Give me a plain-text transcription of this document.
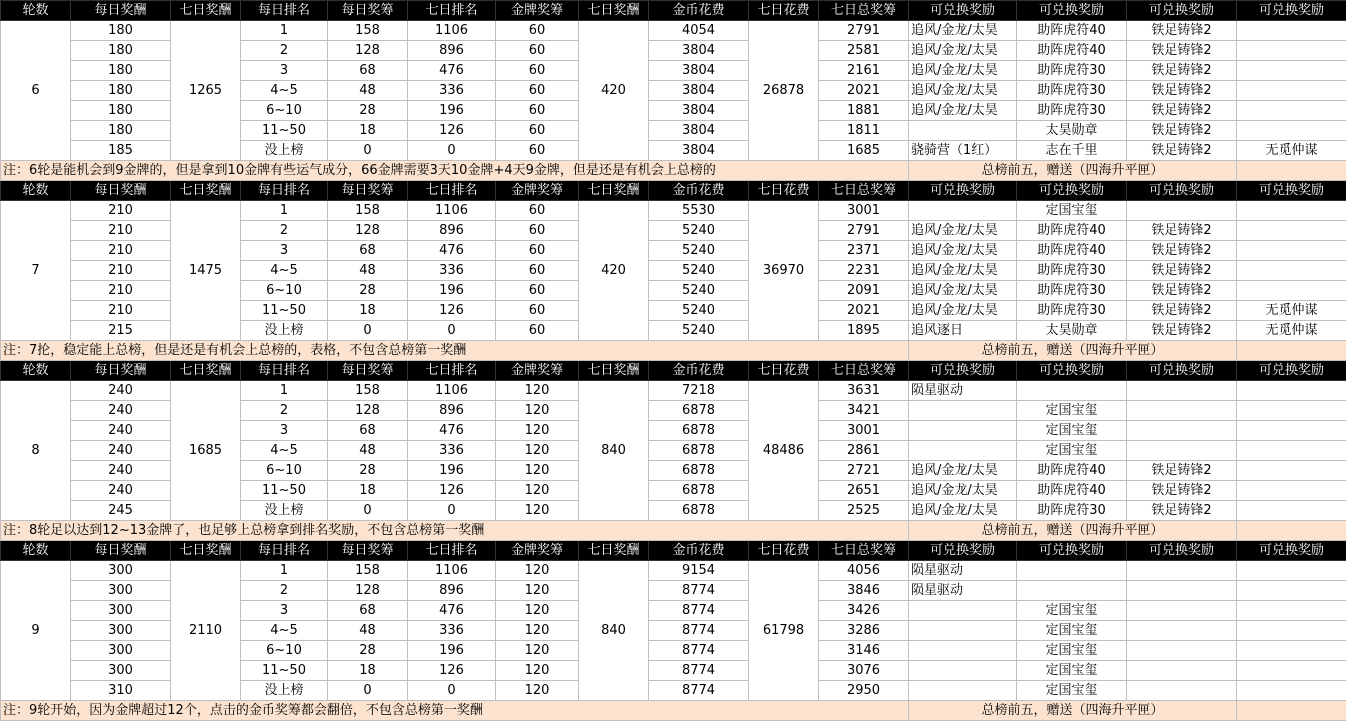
轮数	每日奖酬	七日奖酬	每日排名	每日奖筹	七日排名	金牌奖筹	七日奖酬	金币花费	七日花费	七日总奖筹	可兑换奖励	可兑换奖励	可兑换奖励	可兑换奖励
6	180	1265	1	158	1106	60	420	4054	26878	2791	追风/金龙/太昊	助阵虎符40	铁足铸锋2	
	180		2	128	896	60		3804		2581	追风/金龙/太昊	助阵虎符40	铁足铸锋2	
	180		3	68	476	60		3804		2161	追风/金龙/太昊	助阵虎符30	铁足铸锋2	
	180		4~5	48	336	60		3804		2021	追风/金龙/太昊	助阵虎符30	铁足铸锋2	
	180		6~10	28	196	60		3804		1881	追风/金龙/太昊	助阵虎符30	铁足铸锋2	
	180		11~50	18	126	60		3804		1811		太昊勋章	铁足铸锋2	
	185		没上榜	0	0	60		3804		1685	骁骑营（1红）	志在千里	铁足铸锋2	无觅仲谋
注：6轮是能机会到9金牌的，但是拿到10金牌有些运气成分，66金牌需要3天10金牌+4天9金牌，但是还是有机会上总榜的											总榜前五，赠送（四海升平匣）			
轮数	每日奖酬	七日奖酬	每日排名	每日奖筹	七日排名	金牌奖筹	七日奖酬	金币花费	七日花费	七日总奖筹	可兑换奖励	可兑换奖励	可兑换奖励	可兑换奖励
7	210	1475	1	158	1106	60	420	5530	36970	3001		定国宝玺		
	210		2	128	896	60		5240		2791	追风/金龙/太昊	助阵虎符40	铁足铸锋2	
	210		3	68	476	60		5240		2371	追风/金龙/太昊	助阵虎符40	铁足铸锋2	
	210		4~5	48	336	60		5240		2231	追风/金龙/太昊	助阵虎符30	铁足铸锋2	
	210		6~10	28	196	60		5240		2091	追风/金龙/太昊	助阵虎符30	铁足铸锋2	
	210		11~50	18	126	60		5240		2021	追风/金龙/太昊	助阵虎符30	铁足铸锋2	无觅仲谋
	215		没上榜	0	0	60		5240		1895	追风逐日	太昊勋章	铁足铸锋2	无觅仲谋
注：7抡，稳定能上总榜，但是还是有机会上总榜的，表格，不包含总榜第一奖酬											总榜前五，赠送（四海升平匣）			
轮数	每日奖酬	七日奖酬	每日排名	每日奖筹	七日排名	金牌奖筹	七日奖酬	金币花费	七日花费	七日总奖筹	可兑换奖励	可兑换奖励	可兑换奖励	可兑换奖励
8	240	1685	1	158	1106	120	840	7218	48486	3631	陨星驱动			
	240		2	128	896	120		6878		3421		定国宝玺		
	240		3	68	476	120		6878		3001		定国宝玺		
	240		4~5	48	336	120		6878		2861		定国宝玺		
	240		6~10	28	196	120		6878		2721	追风/金龙/太昊	助阵虎符40	铁足铸锋2	
	240		11~50	18	126	120		6878		2651	追风/金龙/太昊	助阵虎符40	铁足铸锋2	
	245		没上榜	0	0	120		6878		2525	追风/金龙/太昊	助阵虎符30	铁足铸锋2	
注：8轮足以达到12~13金牌了，也足够上总榜拿到排名奖励，不包含总榜第一奖酬											总榜前五，赠送（四海升平匣）			
轮数	每日奖酬	七日奖酬	每日排名	每日奖筹	七日排名	金牌奖筹	七日奖酬	金币花费	七日花费	七日总奖筹	可兑换奖励	可兑换奖励	可兑换奖励	可兑换奖励
9	300	2110	1	158	1106	120	840	9154	61798	4056	陨星驱动			
	300		2	128	896	120		8774		3846	陨星驱动			
	300		3	68	476	120		8774		3426		定国宝玺		
	300		4~5	48	336	120		8774		3286		定国宝玺		
	300		6~10	28	196	120		8774		3146		定国宝玺		
	300		11~50	18	126	120		8774		3076		定国宝玺		
	310		没上榜	0	0	120		8774		2950		定国宝玺		
注：9轮开始，因为金牌超过12个，点击的金币奖筹都会翻倍，不包含总榜第一奖酬											总榜前五，赠送（四海升平匣）			
